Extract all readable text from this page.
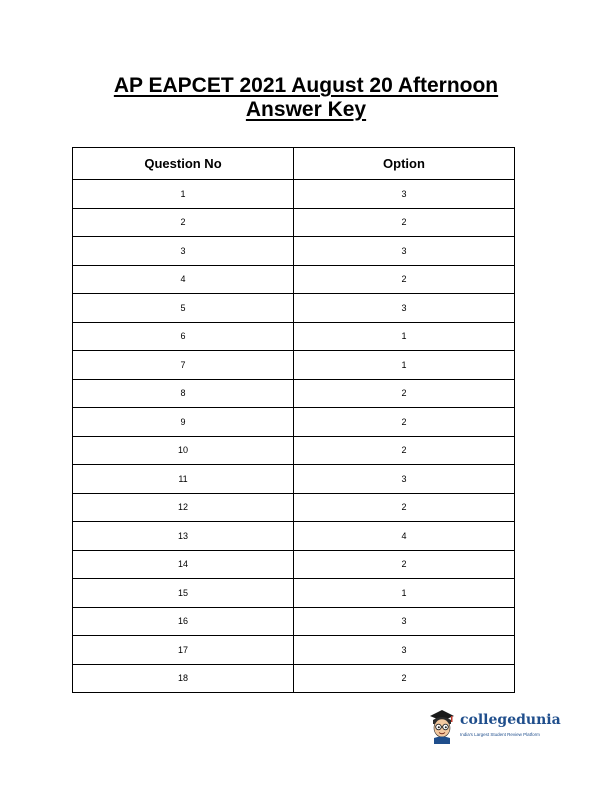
AP EAPCET 2021 August 20 Afternoon
Answer Key
Question No	Option
1	3
2	2
3	3
4	2
5	3
6	1
7	1
8	2
9	2
10	2
11	3
12	2
13	4
14	2
15	1
16	3
17	3
18	2
collegedunia
India's Largest Student Review Platform
